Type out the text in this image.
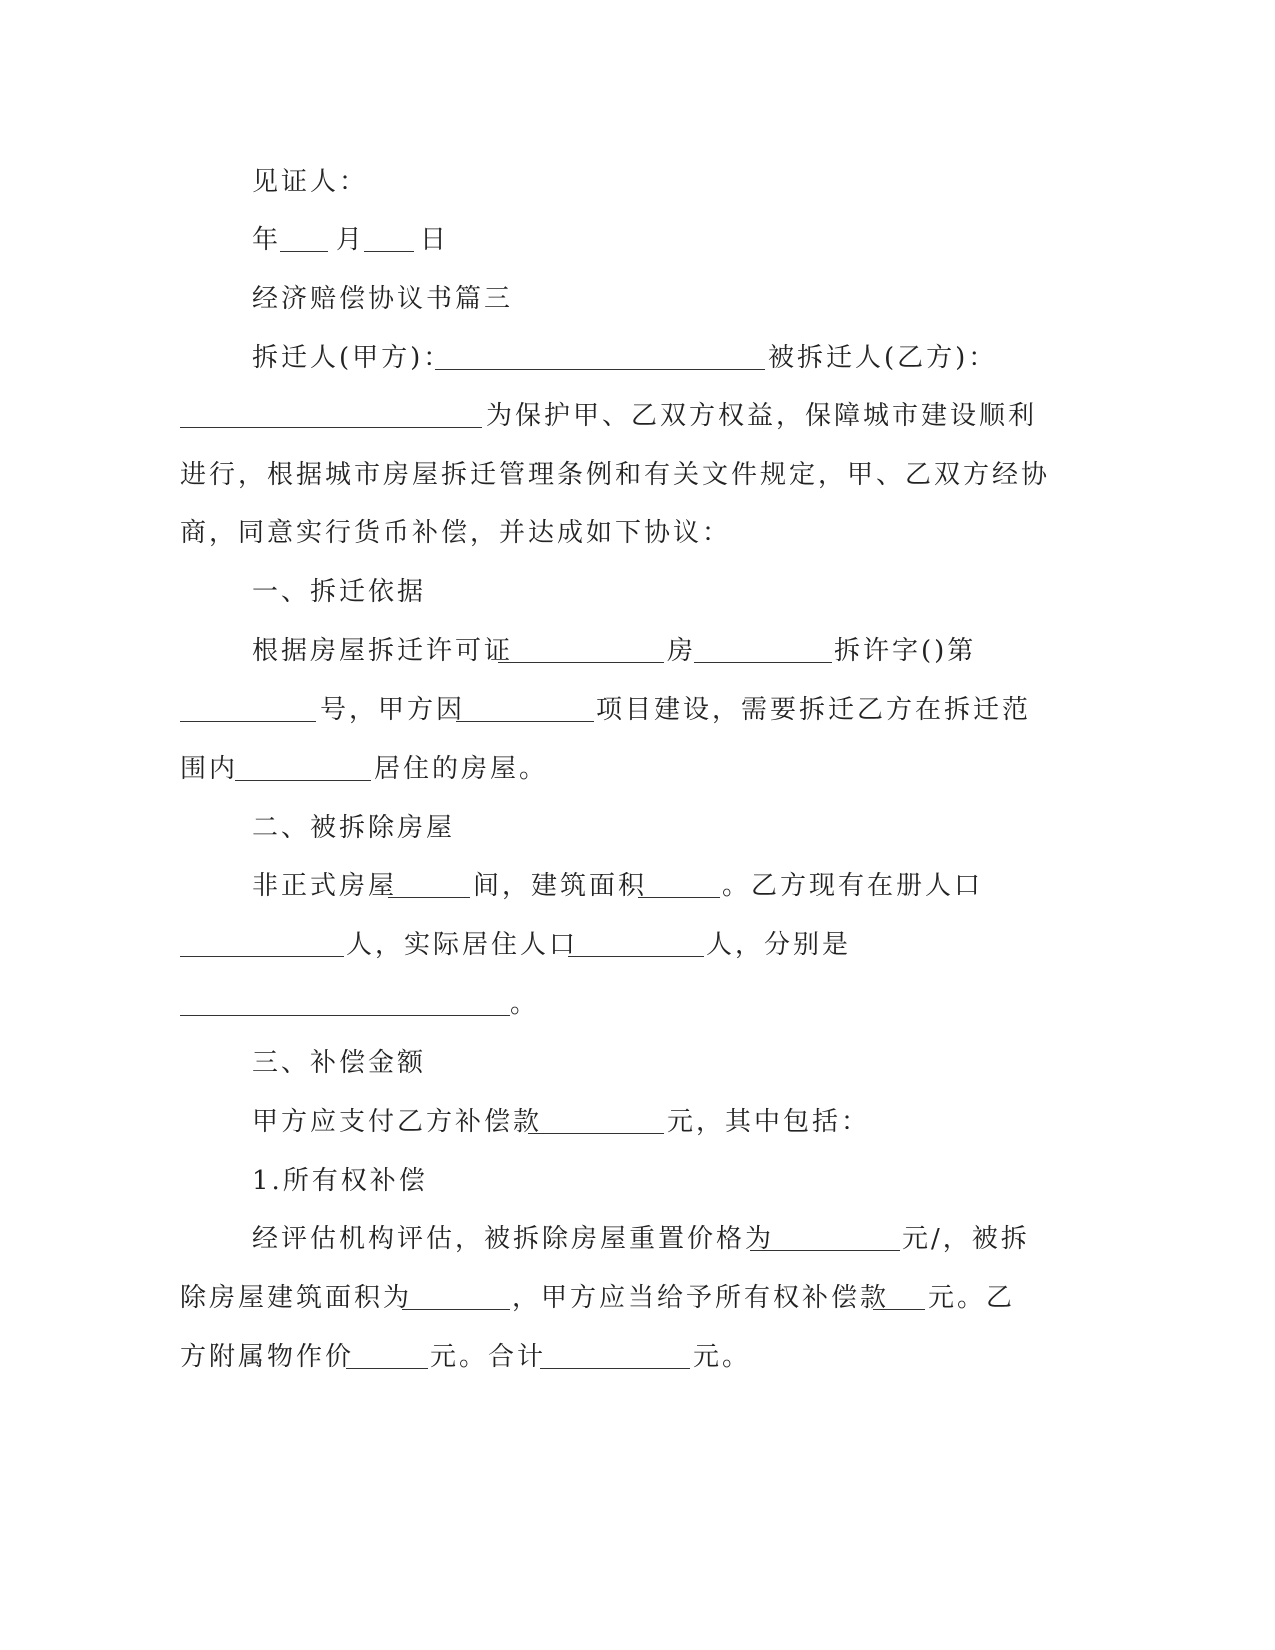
见证人：
年 月 日
经济赔偿协议书篇三
拆迁人(甲方)：	被拆迁人(乙方)：
为保护甲、乙双方权益，保障城市建设顺利
进行，根据城市房屋拆迁管理条例和有关文件规定，甲、乙双方经协
商，同意实行货币补偿，并达成如下协议：
一、拆迁依据
根据房屋拆迁许可证	房	拆许字()第
号，甲方因	项目建设，需要拆迁乙方在拆迁范
围内	居住的房屋。
二、被拆除房屋
非正式房屋	间，建筑面积	。乙方现有在册人口
人，实际居住人口	人，分别是
。
三、补偿金额
甲方应支付乙方补偿款	元，其中包括：
1.所有权补偿
经评估机构评估，被拆除房屋重置价格为	元/，被拆
除房屋建筑面积为	，甲方应当给予所有权补偿款 元。乙
方附属物作价	元。合计	元。
